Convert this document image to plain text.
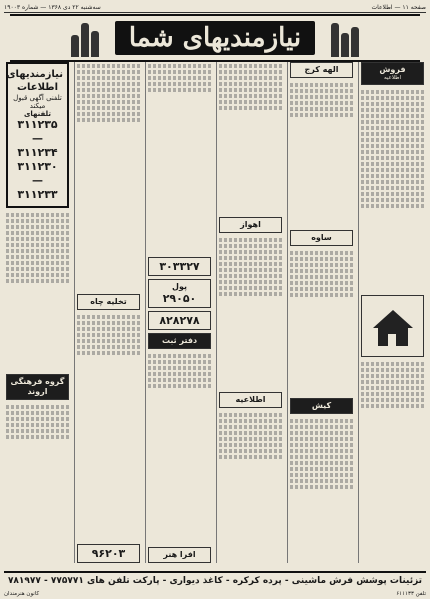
سه‌شنبه ۲۲ دی ۱۳۶۸ — شماره ۱۹۰۰۳	صفحه ۱۱ — اطلاعات
نیازمندیهای شما
فروش
اطلاعیه
الهه کرج
ساوه
کیش
اهواز
اطلاعیه
۳۰۳۳۲۷
پول
۲۹۰۵۰
۸۲۸۲۷۸
دفتر ثبت
افرا هنر
تخلیه چاه
۹۶۲۰۳
نیازمندیهای اطلاعات
تلفنی آگهی قبول میکند
تلفنهای
۳۱۱۲۳۵ — ۳۱۱۲۳۴
۳۱۱۲۳۰ — ۳۱۱۲۳۳
گروه فرهنگی اروند
تزئینات پوشش فرش ماشینی - پرده کرکره - کاغذ دیواری - پارکت تلفن های ۷۷۵۷۷۱ - ۷۸۱۹۷۷
تلفن ۶۱۱۱۳۳
کانون هنرمندان
